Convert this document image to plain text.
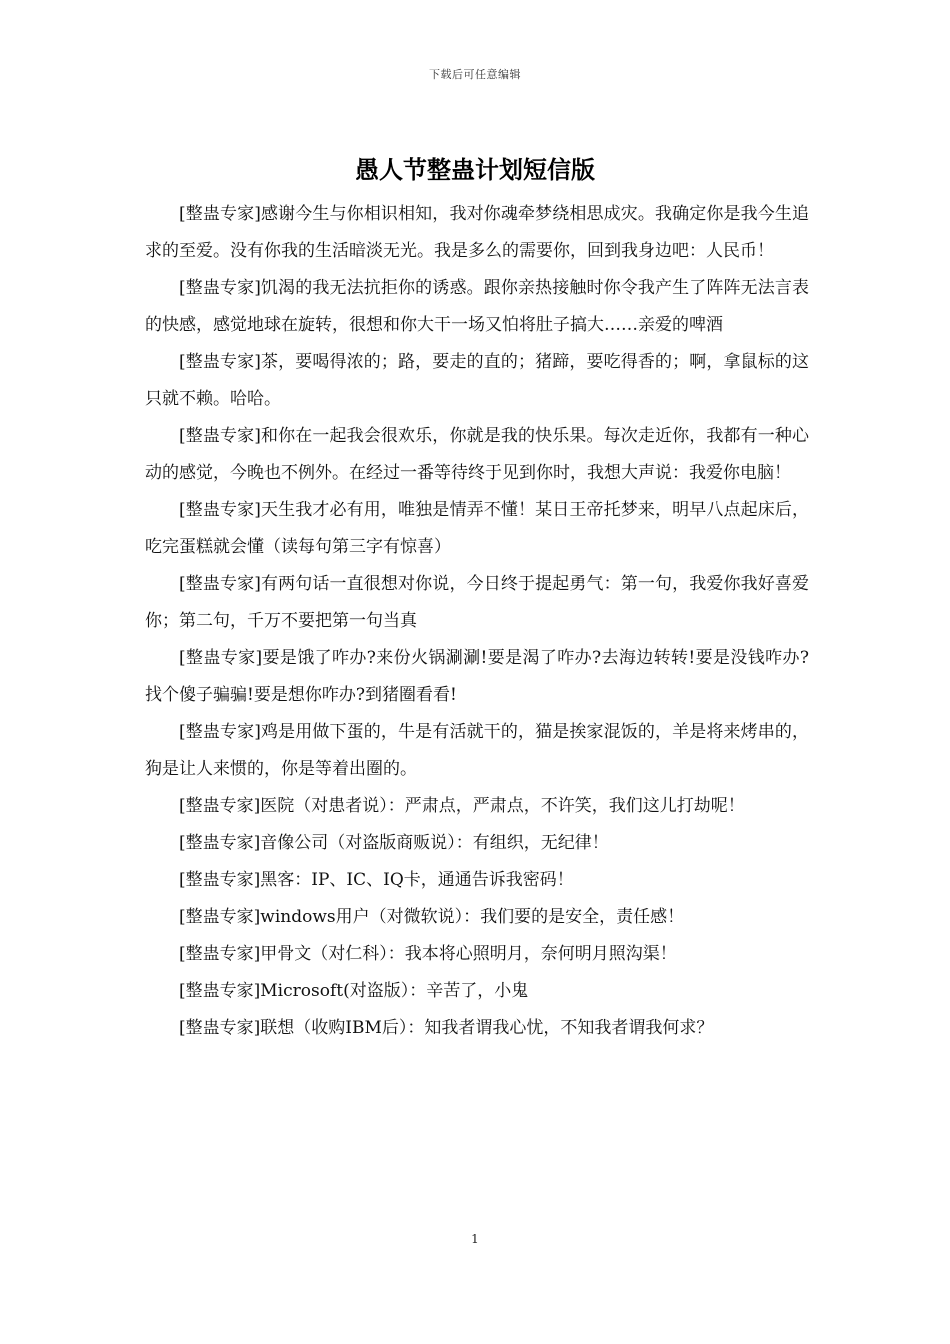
下载后可任意编辑
愚人节整蛊计划短信版

[整蛊专家]感谢今生与你相识相知，我对你魂牵梦绕相思成灾。我确定你是我今生追求的至爱。没有你我的生活暗淡无光。我是多么的需要你，回到我身边吧：人民币！

[整蛊专家]饥渴的我无法抗拒你的诱惑。跟你亲热接触时你令我产生了阵阵无法言表的快感，感觉地球在旋转，很想和你大干一场又怕将肚子搞大……亲爱的啤酒

[整蛊专家]茶，要喝得浓的；路，要走的直的；猪蹄，要吃得香的；啊，拿鼠标的这只就不赖。哈哈。

[整蛊专家]和你在一起我会很欢乐，你就是我的快乐果。每次走近你，我都有一种心动的感觉，今晚也不例外。在经过一番等待终于见到你时，我想大声说：我爱你电脑！

[整蛊专家]天生我才必有用，唯独是情弄不懂！某日王帝托梦来，明早八点起床后，吃完蛋糕就会懂（读每句第三字有惊喜）

[整蛊专家]有两句话一直很想对你说，今日终于提起勇气：第一句，我爱你我好喜爱你；第二句，千万不要把第一句当真

[整蛊专家]要是饿了咋办?来份火锅涮涮!要是渴了咋办?去海边转转!要是没钱咋办?找个傻子骗骗!要是想你咋办?到猪圈看看!

[整蛊专家]鸡是用做下蛋的，牛是有活就干的，猫是挨家混饭的，羊是将来烤串的，狗是让人来惯的，你是等着出圈的。

[整蛊专家]医院（对患者说）：严肃点，严肃点，不许笑，我们这儿打劫呢！

[整蛊专家]音像公司（对盗版商贩说）：有组织，无纪律！

[整蛊专家]黑客：IP、IC、IQ卡，通通告诉我密码！

[整蛊专家]windows用户（对微软说）：我们要的是安全，责任感！

[整蛊专家]甲骨文（对仁科）：我本将心照明月，奈何明月照沟渠！

[整蛊专家]Microsoft(对盗版）：辛苦了，小鬼

[整蛊专家]联想（收购IBM后）：知我者谓我心忧，不知我者谓我何求？

1
